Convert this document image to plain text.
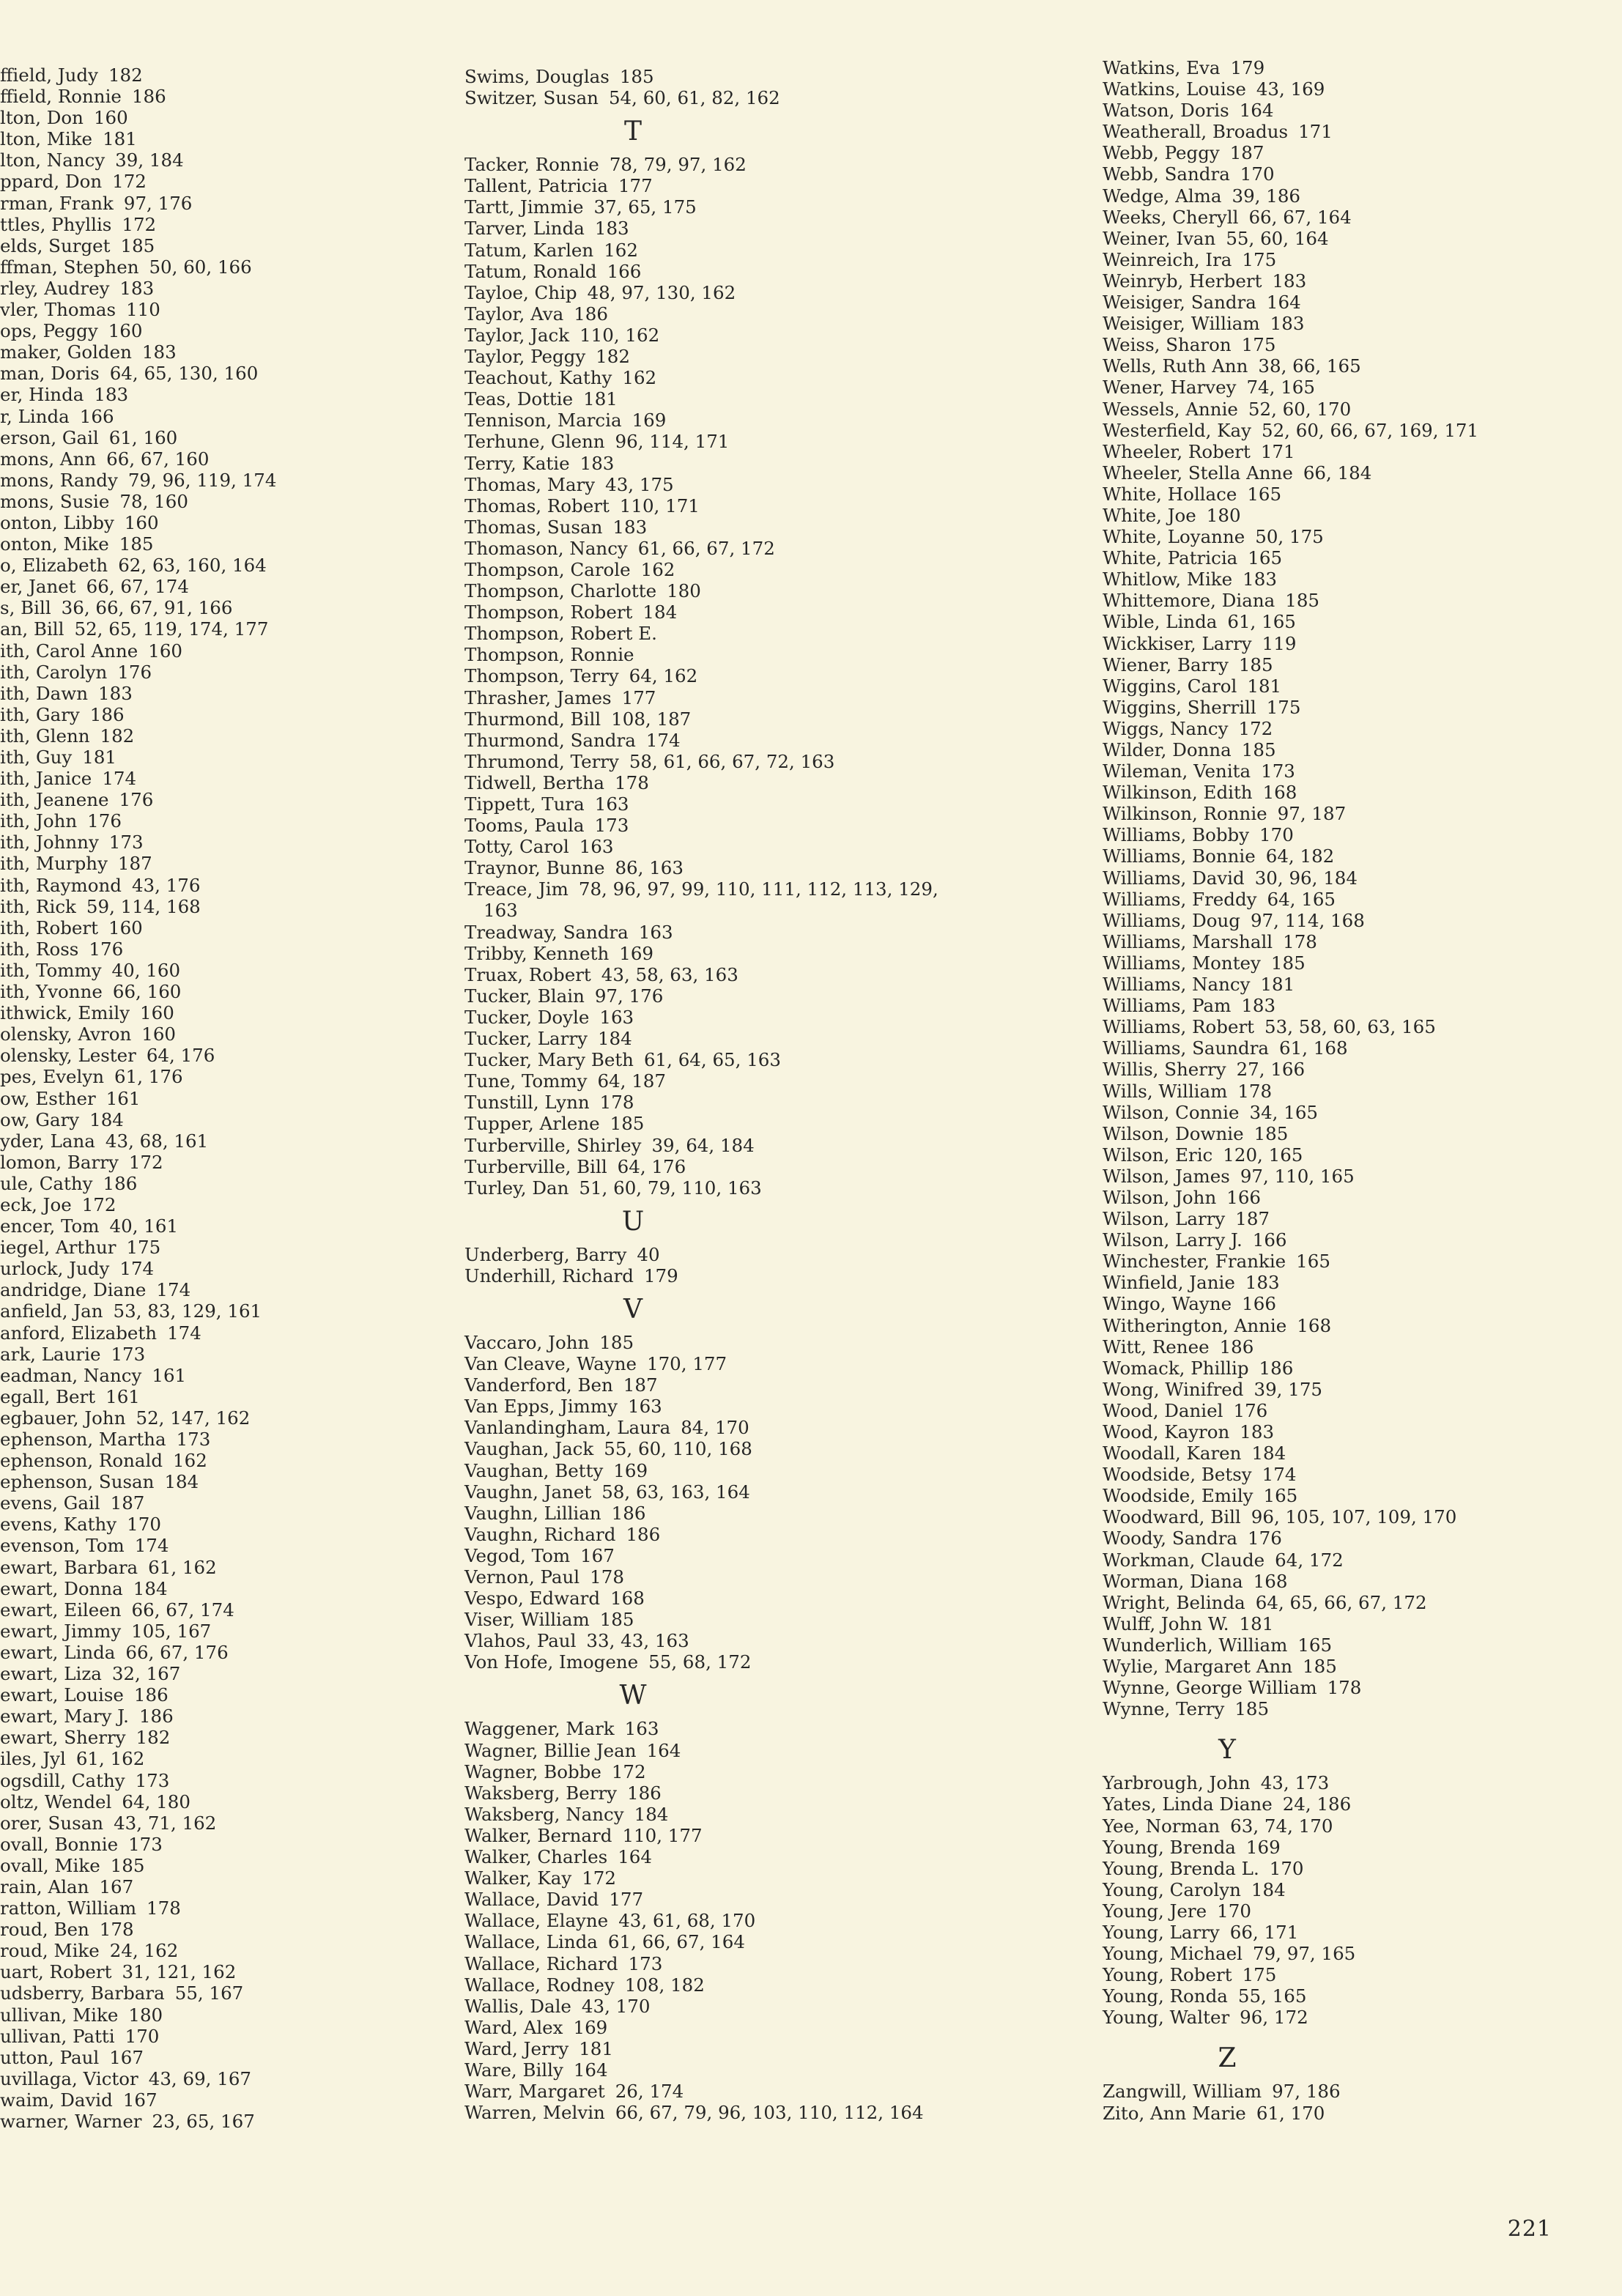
ffield, Judy 182
ffield, Ronnie 186
lton, Don 160
lton, Mike 181
lton, Nancy 39, 184
ppard, Don 172
rman, Frank 97, 176
ttles, Phyllis 172
elds, Surget 185
ffman, Stephen 50, 60, 166
rley, Audrey 183
vler, Thomas 110
ops, Peggy 160
maker, Golden 183
man, Doris 64, 65, 130, 160
er, Hinda 183
r, Linda 166
erson, Gail 61, 160
mons, Ann 66, 67, 160
mons, Randy 79, 96, 119, 174
mons, Susie 78, 160
onton, Libby 160
onton, Mike 185
o, Elizabeth 62, 63, 160, 164
er, Janet 66, 67, 174
s, Bill 36, 66, 67, 91, 166
an, Bill 52, 65, 119, 174, 177
ith, Carol Anne 160
ith, Carolyn 176
ith, Dawn 183
ith, Gary 186
ith, Glenn 182
ith, Guy 181
ith, Janice 174
ith, Jeanene 176
ith, John 176
ith, Johnny 173
ith, Murphy 187
ith, Raymond 43, 176
ith, Rick 59, 114, 168
ith, Robert 160
ith, Ross 176
ith, Tommy 40, 160
ith, Yvonne 66, 160
ithwick, Emily 160
olensky, Avron 160
olensky, Lester 64, 176
pes, Evelyn 61, 176
ow, Esther 161
ow, Gary 184
yder, Lana 43, 68, 161
lomon, Barry 172
ule, Cathy 186
eck, Joe 172
encer, Tom 40, 161
iegel, Arthur 175
urlock, Judy 174
andridge, Diane 174
anfield, Jan 53, 83, 129, 161
anford, Elizabeth 174
ark, Laurie 173
eadman, Nancy 161
egall, Bert 161
egbauer, John 52, 147, 162
ephenson, Martha 173
ephenson, Ronald 162
ephenson, Susan 184
evens, Gail 187
evens, Kathy 170
evenson, Tom 174
ewart, Barbara 61, 162
ewart, Donna 184
ewart, Eileen 66, 67, 174
ewart, Jimmy 105, 167
ewart, Linda 66, 67, 176
ewart, Liza 32, 167
ewart, Louise 186
ewart, Mary J. 186
ewart, Sherry 182
iles, Jyl 61, 162
ogsdill, Cathy 173
oltz, Wendel 64, 180
orer, Susan 43, 71, 162
ovall, Bonnie 173
ovall, Mike 185
rain, Alan 167
ratton, William 178
roud, Ben 178
roud, Mike 24, 162
uart, Robert 31, 121, 162
udsberry, Barbara 55, 167
ullivan, Mike 180
ullivan, Patti 170
utton, Paul 167
uvillaga, Victor 43, 69, 167
waim, David 167
warner, Warner 23, 65, 167
Swims, Douglas 185
Switzer, Susan 54, 60, 61, 82, 162
T
Tacker, Ronnie 78, 79, 97, 162
Tallent, Patricia 177
Tartt, Jimmie 37, 65, 175
Tarver, Linda 183
Tatum, Karlen 162
Tatum, Ronald 166
Tayloe, Chip 48, 97, 130, 162
Taylor, Ava 186
Taylor, Jack 110, 162
Taylor, Peggy 182
Teachout, Kathy 162
Teas, Dottie 181
Tennison, Marcia 169
Terhune, Glenn 96, 114, 171
Terry, Katie 183
Thomas, Mary 43, 175
Thomas, Robert 110, 171
Thomas, Susan 183
Thomason, Nancy 61, 66, 67, 172
Thompson, Carole 162
Thompson, Charlotte 180
Thompson, Robert 184
Thompson, Robert E.
Thompson, Ronnie
Thompson, Terry 64, 162
Thrasher, James 177
Thurmond, Bill 108, 187
Thurmond, Sandra 174
Thrumond, Terry 58, 61, 66, 67, 72, 163
Tidwell, Bertha 178
Tippett, Tura 163
Tooms, Paula 173
Totty, Carol 163
Traynor, Bunne 86, 163
Treace, Jim 78, 96, 97, 99, 110, 111, 112, 113, 129, 163
Treadway, Sandra 163
Tribby, Kenneth 169
Truax, Robert 43, 58, 63, 163
Tucker, Blain 97, 176
Tucker, Doyle 163
Tucker, Larry 184
Tucker, Mary Beth 61, 64, 65, 163
Tune, Tommy 64, 187
Tunstill, Lynn 178
Tupper, Arlene 185
Turberville, Shirley 39, 64, 184
Turberville, Bill 64, 176
Turley, Dan 51, 60, 79, 110, 163
U
Underberg, Barry 40
Underhill, Richard 179
V
Vaccaro, John 185
Van Cleave, Wayne 170, 177
Vanderford, Ben 187
Van Epps, Jimmy 163
Vanlandingham, Laura 84, 170
Vaughan, Jack 55, 60, 110, 168
Vaughan, Betty 169
Vaughn, Janet 58, 63, 163, 164
Vaughn, Lillian 186
Vaughn, Richard 186
Vegod, Tom 167
Vernon, Paul 178
Vespo, Edward 168
Viser, William 185
Vlahos, Paul 33, 43, 163
Von Hofe, Imogene 55, 68, 172
W
Waggener, Mark 163
Wagner, Billie Jean 164
Wagner, Bobbe 172
Waksberg, Berry 186
Waksberg, Nancy 184
Walker, Bernard 110, 177
Walker, Charles 164
Walker, Kay 172
Wallace, David 177
Wallace, Elayne 43, 61, 68, 170
Wallace, Linda 61, 66, 67, 164
Wallace, Richard 173
Wallace, Rodney 108, 182
Wallis, Dale 43, 170
Ward, Alex 169
Ward, Jerry 181
Ware, Billy 164
Warr, Margaret 26, 174
Warren, Melvin 66, 67, 79, 96, 103, 110, 112, 164
Watkins, Eva 179
Watkins, Louise 43, 169
Watson, Doris 164
Weatherall, Broadus 171
Webb, Peggy 187
Webb, Sandra 170
Wedge, Alma 39, 186
Weeks, Cheryll 66, 67, 164
Weiner, Ivan 55, 60, 164
Weinreich, Ira 175
Weinryb, Herbert 183
Weisiger, Sandra 164
Weisiger, William 183
Weiss, Sharon 175
Wells, Ruth Ann 38, 66, 165
Wener, Harvey 74, 165
Wessels, Annie 52, 60, 170
Westerfield, Kay 52, 60, 66, 67, 169, 171
Wheeler, Robert 171
Wheeler, Stella Anne 66, 184
White, Hollace 165
White, Joe 180
White, Loyanne 50, 175
White, Patricia 165
Whitlow, Mike 183
Whittemore, Diana 185
Wible, Linda 61, 165
Wickkiser, Larry 119
Wiener, Barry 185
Wiggins, Carol 181
Wiggins, Sherrill 175
Wiggs, Nancy 172
Wilder, Donna 185
Wileman, Venita 173
Wilkinson, Edith 168
Wilkinson, Ronnie 97, 187
Williams, Bobby 170
Williams, Bonnie 64, 182
Williams, David 30, 96, 184
Williams, Freddy 64, 165
Williams, Doug 97, 114, 168
Williams, Marshall 178
Williams, Montey 185
Williams, Nancy 181
Williams, Pam 183
Williams, Robert 53, 58, 60, 63, 165
Williams, Saundra 61, 168
Willis, Sherry 27, 166
Wills, William 178
Wilson, Connie 34, 165
Wilson, Downie 185
Wilson, Eric 120, 165
Wilson, James 97, 110, 165
Wilson, John 166
Wilson, Larry 187
Wilson, Larry J. 166
Winchester, Frankie 165
Winfield, Janie 183
Wingo, Wayne 166
Witherington, Annie 168
Witt, Renee 186
Womack, Phillip 186
Wong, Winifred 39, 175
Wood, Daniel 176
Wood, Kayron 183
Woodall, Karen 184
Woodside, Betsy 174
Woodside, Emily 165
Woodward, Bill 96, 105, 107, 109, 170
Woody, Sandra 176
Workman, Claude 64, 172
Worman, Diana 168
Wright, Belinda 64, 65, 66, 67, 172
Wulff, John W. 181
Wunderlich, William 165
Wylie, Margaret Ann 185
Wynne, George William 178
Wynne, Terry 185
Y
Yarbrough, John 43, 173
Yates, Linda Diane 24, 186
Yee, Norman 63, 74, 170
Young, Brenda 169
Young, Brenda L. 170
Young, Carolyn 184
Young, Jere 170
Young, Larry 66, 171
Young, Michael 79, 97, 165
Young, Robert 175
Young, Ronda 55, 165
Young, Walter 96, 172
Z
Zangwill, William 97, 186
Zito, Ann Marie 61, 170
221
